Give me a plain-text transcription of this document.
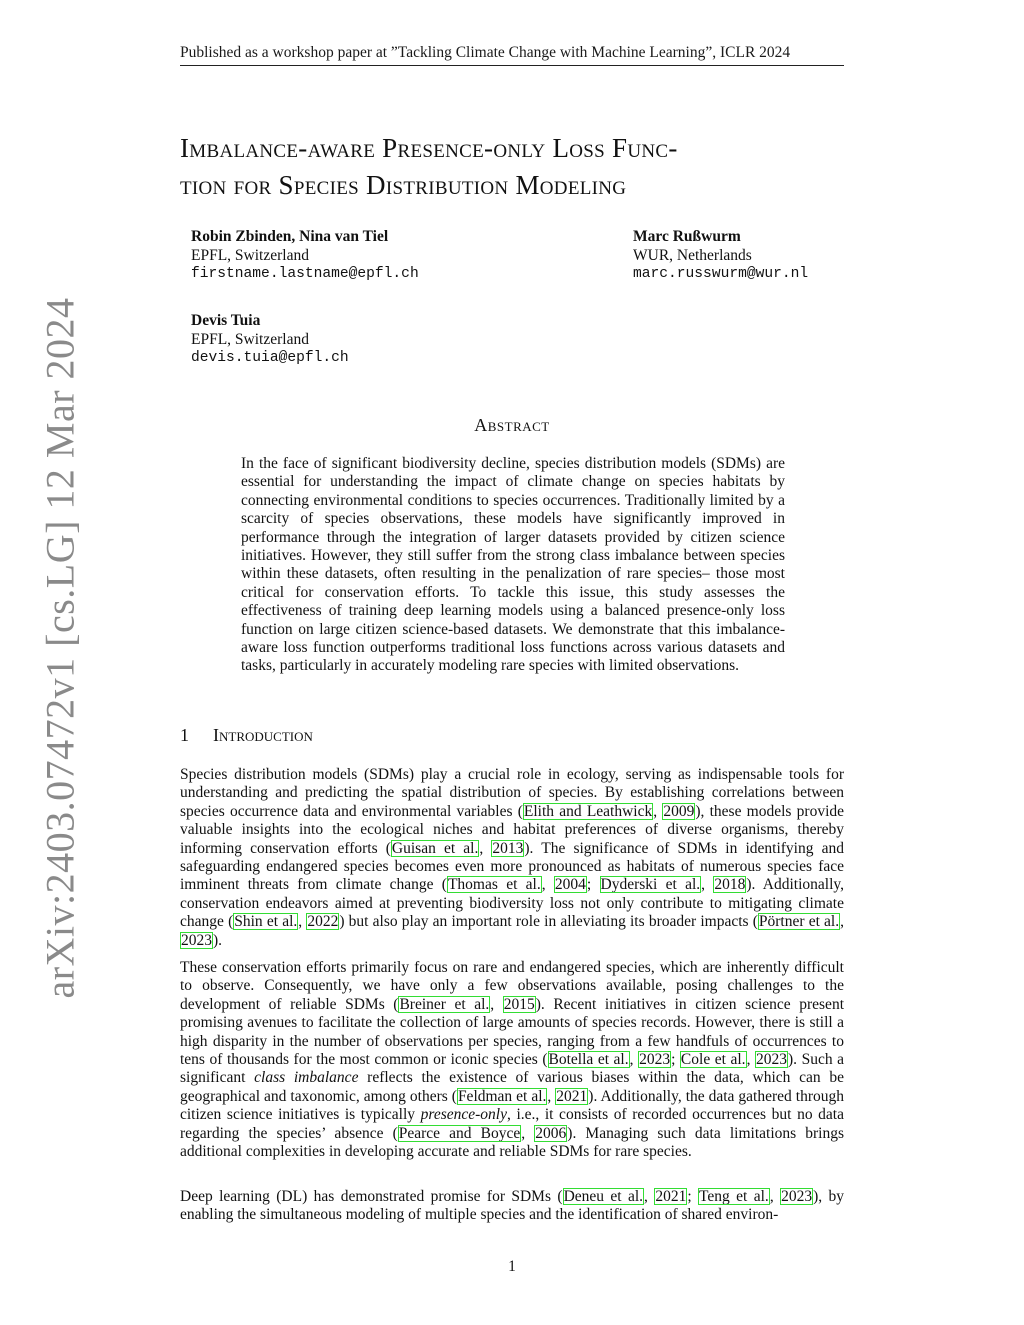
Published as a workshop paper at ”Tackling Climate Change with Machine Learning”, ICLR 2024
arXiv:2403.07472v1 [cs.LG] 12 Mar 2024
Imbalance-aware Presence-only Loss Func-
tion for Species Distribution Modeling
Robin Zbinden, Nina van Tiel
EPFL, Switzerland
firstname.lastname@epfl.ch
Marc Rußwurm
WUR, Netherlands
marc.russwurm@wur.nl
Devis Tuia
EPFL, Switzerland
devis.tuia@epfl.ch
Abstract
In the face of significant biodiversity decline, species distribution models (SDMs) are essential for understanding the impact of climate change on species habitats by connecting environmental conditions to species occurrences. Traditionally limited by a scarcity of species observations, these models have significantly improved in performance through the integration of larger datasets provided by citizen science initiatives. However, they still suffer from the strong class imbalance between species within these datasets, often resulting in the penalization of rare species– those most critical for conservation efforts. To tackle this issue, this study assesses the effectiveness of training deep learning models using a balanced presence-only loss function on large citizen science-based datasets. We demonstrate that this imbalance-aware loss function outperforms traditional loss functions across various datasets and tasks, particularly in accurately modeling rare species with limited observations.
1 Introduction
Species distribution models (SDMs) play a crucial role in ecology, serving as indispensable tools for understanding and predicting the spatial distribution of species. By establishing correlations between species occurrence data and environmental variables (Elith and Leathwick, 2009), these models provide valuable insights into the ecological niches and habitat preferences of diverse organisms, thereby informing conservation efforts (Guisan et al., 2013). The significance of SDMs in identifying and safeguarding endangered species becomes even more pronounced as habitats of numerous species face imminent threats from climate change (Thomas et al., 2004; Dyderski et al., 2018). Additionally, conservation endeavors aimed at preventing biodiversity loss not only contribute to mitigating climate change (Shin et al., 2022) but also play an important role in alleviating its broader impacts (Pörtner et al., 2023).
These conservation efforts primarily focus on rare and endangered species, which are inherently difficult to observe. Consequently, we have only a few observations available, posing challenges to the development of reliable SDMs (Breiner et al., 2015). Recent initiatives in citizen science present promising avenues to facilitate the collection of large amounts of species records. However, there is still a high disparity in the number of observations per species, ranging from a few handfuls of occurrences to tens of thousands for the most common or iconic species (Botella et al., 2023; Cole et al., 2023). Such a significant class imbalance reflects the existence of various biases within the data, which can be geographical and taxonomic, among others (Feldman et al., 2021). Additionally, the data gathered through citizen science initiatives is typically presence-only, i.e., it consists of recorded occurrences but no data regarding the species’ absence (Pearce and Boyce, 2006). Managing such data limitations brings additional complexities in developing accurate and reliable SDMs for rare species.
Deep learning (DL) has demonstrated promise for SDMs (Deneu et al., 2021; Teng et al., 2023), by enabling the simultaneous modeling of multiple species and the identification of shared environ-
1
